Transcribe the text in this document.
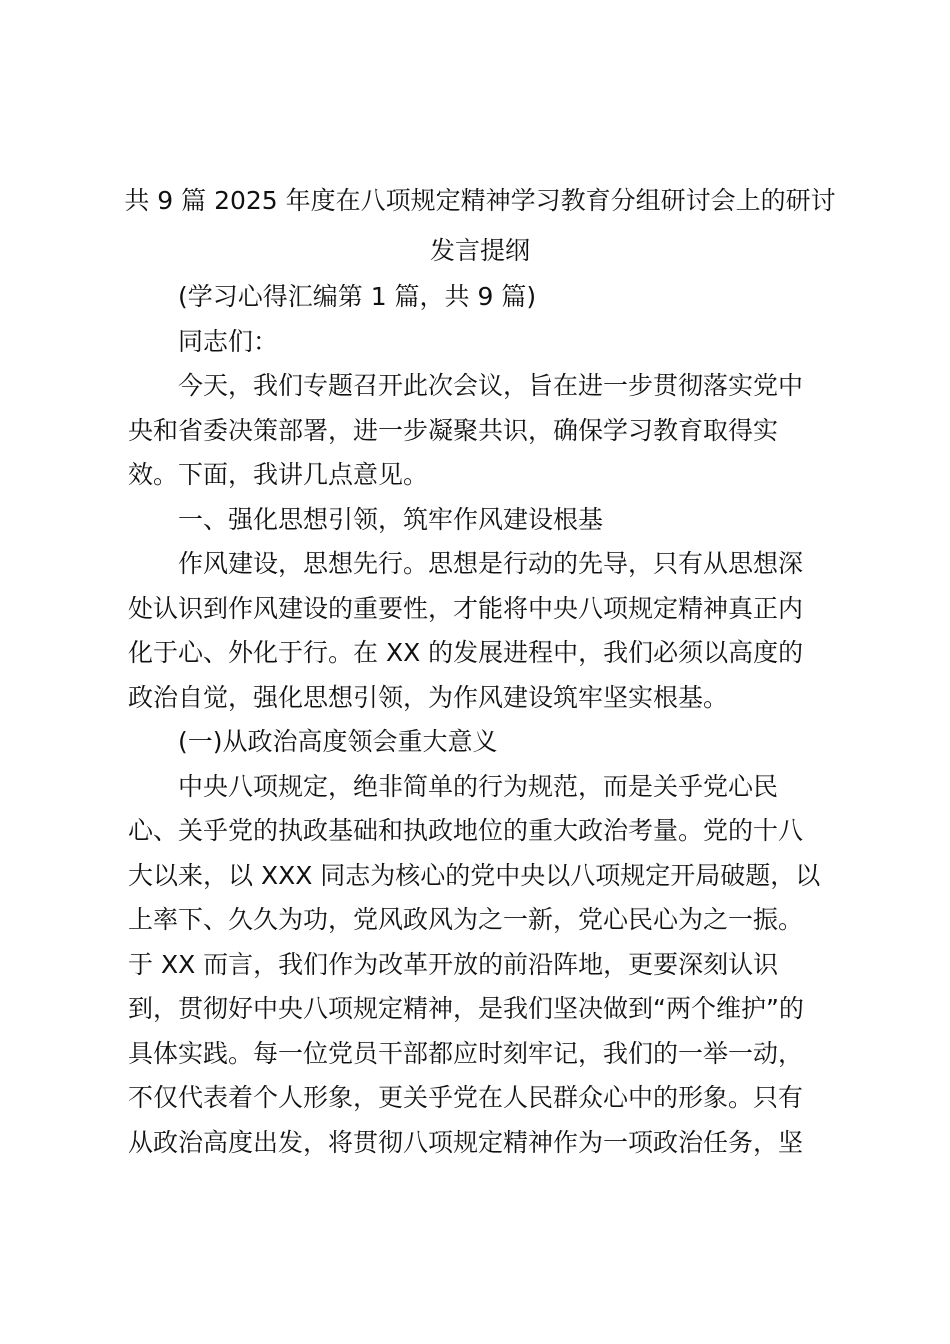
共 9 篇 2025 年度在八项规定精神学习教育分组研讨会上的研讨
发言提纲
(学习心得汇编第 1 篇，共 9 篇)
同志们：
今天，我们专题召开此次会议，旨在进一步贯彻落实党中
央和省委决策部署，进一步凝聚共识，确保学习教育取得实
效。下面，我讲几点意见。
一、强化思想引领，筑牢作风建设根基
作风建设，思想先行。思想是行动的先导，只有从思想深
处认识到作风建设的重要性，才能将中央八项规定精神真正内
化于心、外化于行。在 XX 的发展进程中，我们必须以高度的
政治自觉，强化思想引领，为作风建设筑牢坚实根基。
(一)从政治高度领会重大意义
中央八项规定，绝非简单的行为规范，而是关乎党心民
心、关乎党的执政基础和执政地位的重大政治考量。党的十八
大以来，以 XXX 同志为核心的党中央以八项规定开局破题，以
上率下、久久为功，党风政风为之一新，党心民心为之一振。
于 XX 而言，我们作为改革开放的前沿阵地，更要深刻认识
到，贯彻好中央八项规定精神，是我们坚决做到“两个维护”的
具体实践。每一位党员干部都应时刻牢记，我们的一举一动，
不仅代表着个人形象，更关乎党在人民群众心中的形象。只有
从政治高度出发，将贯彻八项规定精神作为一项政治任务，坚
